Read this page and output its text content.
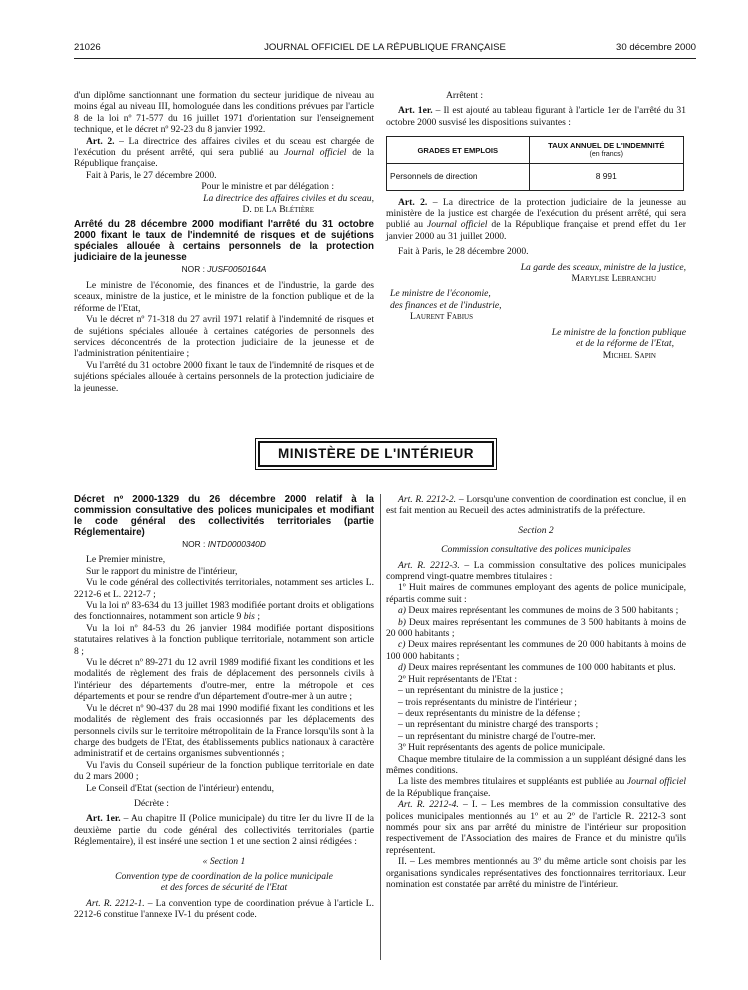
21026	JOURNAL OFFICIEL DE LA RÉPUBLIQUE FRANÇAISE	30 décembre 2000

d'un diplôme sanctionnant une formation du secteur juridique de niveau au moins égal au niveau III, homologuée dans les conditions prévues par l'article 8 de la loi nº 71-577 du 16 juillet 1971 d'orientation sur l'enseignement technique, et le décret nº 92-23 du 8 janvier 1992.

Art. 2. – La directrice des affaires civiles et du sceau est chargée de l'exécution du présent arrêté, qui sera publié au Journal officiel de la République française.

Fait à Paris, le 27 décembre 2000.

Pour le ministre et par délégation :

La directrice des affaires civiles et du sceau,

D. de La Blétière

Arrêté du 28 décembre 2000 modifiant l'arrêté du 31 octobre 2000 fixant le taux de l'indemnité de risques et de sujétions spéciales allouée à certains personnels de la protection judiciaire de la jeunesse
NOR : JUSF0050164A

Le ministre de l'économie, des finances et de l'industrie, la garde des sceaux, ministre de la justice, et le ministre de la fonction publique et de la réforme de l'Etat,

Vu le décret nº 71-318 du 27 avril 1971 relatif à l'indemnité de risques et de sujétions spéciales allouée à certaines catégories de personnels des services déconcentrés de la protection judiciaire de la jeunesse et de l'administration pénitentiaire ;

Vu l'arrêté du 31 octobre 2000 fixant le taux de l'indemnité de risques et de sujétions spéciales allouée à certains personnels de la protection judiciaire de la jeunesse.

Arrêtent :

Art. 1er. – Il est ajouté au tableau figurant à l'article 1er de l'arrêté du 31 octobre 2000 susvisé les dispositions suivantes :

GRADES ET EMPLOIS	TAUX ANNUEL DE L'INDEMNITÉ
(en francs)

Personnels de direction	8 991

Art. 2. – La directrice de la protection judiciaire de la jeunesse au ministère de la justice est chargée de l'exécution du présent arrêté, qui sera publié au Journal officiel de la République française et prend effet du 1er janvier 2000 au 31 juillet 2000.

Fait à Paris, le 28 décembre 2000.

La garde des sceaux, ministre de la justice,

Marylise Lebranchu

Le ministre de l'économie,

des finances et de l'industrie,

Laurent Fabius

Le ministre de la fonction publique

et de la réforme de l'Etat,

Michel Sapin

MINISTÈRE DE L'INTÉRIEUR
Décret nº 2000-1329 du 26 décembre 2000 relatif à la commission consultative des polices municipales et modifiant le code général des collectivités territoriales (partie Réglementaire)
NOR : INTD0000340D

Le Premier ministre,

Sur le rapport du ministre de l'intérieur,

Vu le code général des collectivités territoriales, notamment ses articles L. 2212-6 et L. 2212-7 ;

Vu la loi nº 83-634 du 13 juillet 1983 modifiée portant droits et obligations des fonctionnaires, notamment son article 9 bis ;

Vu la loi nº 84-53 du 26 janvier 1984 modifiée portant dispositions statutaires relatives à la fonction publique territoriale, notamment son article 8 ;

Vu le décret nº 89-271 du 12 avril 1989 modifié fixant les conditions et les modalités de règlement des frais de déplacement des personnels civils à l'intérieur des départements d'outre-mer, entre la métropole et ces départements et pour se rendre d'un département d'outre-mer à un autre ;

Vu le décret nº 90-437 du 28 mai 1990 modifié fixant les conditions et les modalités de règlement des frais occasionnés par les déplacements des personnels civils sur le territoire métropolitain de la France lorsqu'ils sont à la charge des budgets de l'Etat, des établissements publics nationaux à caractère administratif et de certains organismes subventionnés ;

Vu l'avis du Conseil supérieur de la fonction publique territoriale en date du 2 mars 2000 ;

Le Conseil d'Etat (section de l'intérieur) entendu,

Décrète :

Art. 1er. – Au chapitre II (Police municipale) du titre Ier du livre II de la deuxième partie du code général des collectivités territoriales (partie Réglementaire), il est inséré une section 1 et une section 2 ainsi rédigées :

« Section 1

Convention type de coordination de la police municipale

et des forces de sécurité de l'Etat

Art. R. 2212-1. – La convention type de coordination prévue à l'article L. 2212-6 constitue l'annexe IV-1 du présent code.

Art. R. 2212-2. – Lorsqu'une convention de coordination est conclue, il en est fait mention au Recueil des actes administratifs de la préfecture.

Section 2

Commission consultative des polices municipales

Art. R. 2212-3. – La commission consultative des polices municipales comprend vingt-quatre membres titulaires :

1º Huit maires de communes employant des agents de police municipale, répartis comme suit :

a) Deux maires représentant les communes de moins de 3 500 habitants ;

b) Deux maires représentant les communes de 3 500 habitants à moins de 20 000 habitants ;

c) Deux maires représentant les communes de 20 000 habitants à moins de 100 000 habitants ;

d) Deux maires représentant les communes de 100 000 habitants et plus.

2º Huit représentants de l'Etat :

– un représentant du ministre de la justice ;

– trois représentants du ministre de l'intérieur ;

– deux représentants du ministre de la défense ;

– un représentant du ministre chargé des transports ;

– un représentant du ministre chargé de l'outre-mer.

3º Huit représentants des agents de police municipale.

Chaque membre titulaire de la commission a un suppléant désigné dans les mêmes conditions.

La liste des membres titulaires et suppléants est publiée au Journal officiel de la République française.

Art. R. 2212-4. – I. – Les membres de la commission consultative des polices municipales mentionnés au 1º et au 2º de l'article R. 2212-3 sont nommés pour six ans par arrêté du ministre de l'intérieur sur proposition respectivement de l'Association des maires de France et du ministre qu'ils représentent.

II. – Les membres mentionnés au 3º du même article sont choisis par les organisations syndicales représentatives des fonctionnaires territoriaux. Leur nomination est constatée par arrêté du ministre de l'intérieur.
